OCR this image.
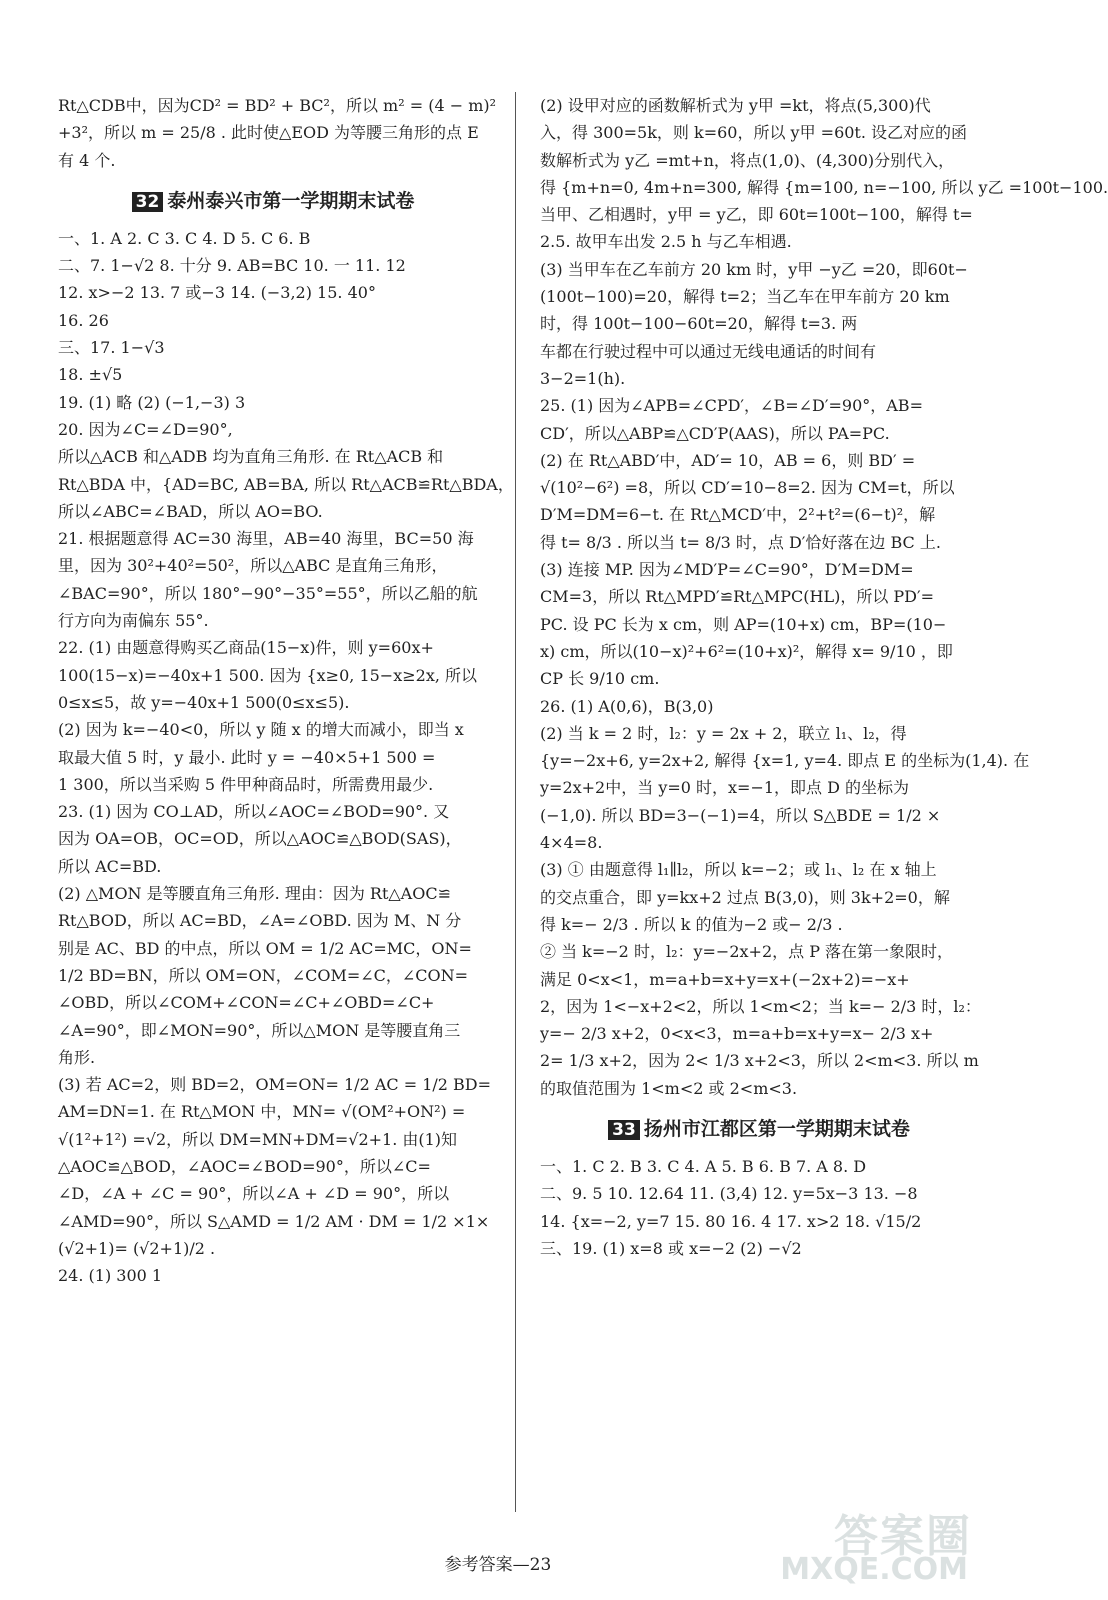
Rt△CDB中，因为CD² = BD² + BC²，所以 m² = (4 − m)²
+3²，所以 m = 25/8 . 此时使△EOD 为等腰三角形的点 E
有 4 个.
32 泰州泰兴市第一学期期末试卷
一、1. A 2. C 3. C 4. D 5. C 6. B
二、7. 1−√2 8. 十分 9. AB=BC 10. 一 11. 12
12. x>−2 13. 7 或−3 14. (−3,2) 15. 40°
16. 26
三、17. 1−√3
18. ±√5
19. (1) 略 (2) (−1,−3) 3
20. 因为∠C=∠D=90°,
所以△ACB 和△ADB 均为直角三角形. 在 Rt△ACB 和
Rt△BDA 中，{AD=BC, AB=BA, 所以 Rt△ACB≌Rt△BDA，
所以∠ABC=∠BAD，所以 AO=BO.
21. 根据题意得 AC=30 海里，AB=40 海里，BC=50 海
里，因为 30²+40²=50²，所以△ABC 是直角三角形，
∠BAC=90°，所以 180°−90°−35°=55°，所以乙船的航
行方向为南偏东 55°.
22. (1) 由题意得购买乙商品(15−x)件，则 y=60x+
100(15−x)=−40x+1 500. 因为 {x≥0, 15−x≥2x, 所以
0≤x≤5，故 y=−40x+1 500(0≤x≤5).
(2) 因为 k=−40<0，所以 y 随 x 的增大而减小，即当 x
取最大值 5 时，y 最小. 此时 y = −40×5+1 500 =
1 300，所以当采购 5 件甲种商品时，所需费用最少.
23. (1) 因为 CO⊥AD，所以∠AOC=∠BOD=90°. 又
因为 OA=OB，OC=OD，所以△AOC≌△BOD(SAS)，
所以 AC=BD.
(2) △MON 是等腰直角三角形. 理由：因为 Rt△AOC≌
Rt△BOD，所以 AC=BD，∠A=∠OBD. 因为 M、N 分
别是 AC、BD 的中点，所以 OM = 1/2 AC=MC，ON=
1/2 BD=BN，所以 OM=ON，∠COM=∠C，∠CON=
∠OBD，所以∠COM+∠CON=∠C+∠OBD=∠C+
∠A=90°，即∠MON=90°，所以△MON 是等腰直角三
角形.
(3) 若 AC=2，则 BD=2，OM=ON= 1/2 AC = 1/2 BD=
AM=DN=1. 在 Rt△MON 中，MN= √(OM²+ON²) =
√(1²+1²) =√2，所以 DM=MN+DM=√2+1. 由(1)知
△AOC≌△BOD，∠AOC=∠BOD=90°，所以∠C=
∠D，∠A + ∠C = 90°，所以∠A + ∠D = 90°，所以
∠AMD=90°，所以 S△AMD = 1/2 AM · DM = 1/2 ×1×
(√2+1)= (√2+1)/2 .
24. (1) 300 1
(2) 设甲对应的函数解析式为 y甲 =kt，将点(5,300)代
入，得 300=5k，则 k=60，所以 y甲 =60t. 设乙对应的函
数解析式为 y乙 =mt+n，将点(1,0)、(4,300)分别代入，
得 {m+n=0, 4m+n=300, 解得 {m=100, n=−100, 所以 y乙 =100t−100.
当甲、乙相遇时，y甲 = y乙，即 60t=100t−100，解得 t=
2.5. 故甲车出发 2.5 h 与乙车相遇.
(3) 当甲车在乙车前方 20 km 时，y甲 −y乙 =20，即60t−
(100t−100)=20，解得 t=2；当乙车在甲车前方 20 km
时，得 100t−100−60t=20，解得 t=3. 两
车都在行驶过程中可以通过无线电通话的时间有
3−2=1(h).
25. (1) 因为∠APB=∠CPD′，∠B=∠D′=90°，AB=
CD′，所以△ABP≌△CD′P(AAS)，所以 PA=PC.
(2) 在 Rt△ABD′中，AD′= 10，AB = 6，则 BD′ =
√(10²−6²) =8，所以 CD′=10−8=2. 因为 CM=t，所以
D′M=DM=6−t. 在 Rt△MCD′中，2²+t²=(6−t)²，解
得 t= 8/3 . 所以当 t= 8/3 时，点 D′恰好落在边 BC 上.
(3) 连接 MP. 因为∠MD′P=∠C=90°，D′M=DM=
CM=3，所以 Rt△MPD′≌Rt△MPC(HL)，所以 PD′=
PC. 设 PC 长为 x cm，则 AP=(10+x) cm，BP=(10−
x) cm，所以(10−x)²+6²=(10+x)²，解得 x= 9/10 ，即
CP 长 9/10 cm.
26. (1) A(0,6)，B(3,0)
(2) 当 k = 2 时，l₂：y = 2x + 2，联立 l₁、l₂，得
{y=−2x+6, y=2x+2, 解得 {x=1, y=4. 即点 E 的坐标为(1,4). 在
y=2x+2中，当 y=0 时，x=−1，即点 D 的坐标为
(−1,0). 所以 BD=3−(−1)=4，所以 S△BDE = 1/2 ×
4×4=8.
(3) ① 由题意得 l₁∥l₂，所以 k=−2；或 l₁、l₂ 在 x 轴上
的交点重合，即 y=kx+2 过点 B(3,0)，则 3k+2=0，解
得 k=− 2/3 . 所以 k 的值为−2 或− 2/3 .
② 当 k=−2 时，l₂：y=−2x+2，点 P 落在第一象限时，
满足 0<x<1，m=a+b=x+y=x+(−2x+2)=−x+
2，因为 1<−x+2<2，所以 1<m<2；当 k=− 2/3 时，l₂：
y=− 2/3 x+2，0<x<3，m=a+b=x+y=x− 2/3 x+
2= 1/3 x+2，因为 2< 1/3 x+2<3，所以 2<m<3. 所以 m
的取值范围为 1<m<2 或 2<m<3.
33 扬州市江都区第一学期期末试卷
一、1. C 2. B 3. C 4. A 5. B 6. B 7. A 8. D
二、9. 5 10. 12.64 11. (3,4) 12. y=5x−3 13. −8
14. {x=−2, y=7 15. 80 16. 4 17. x>2 18. √15/2
三、19. (1) x=8 或 x=−2 (2) −√2
参考答案—23
答案圈
MXQE.COM
